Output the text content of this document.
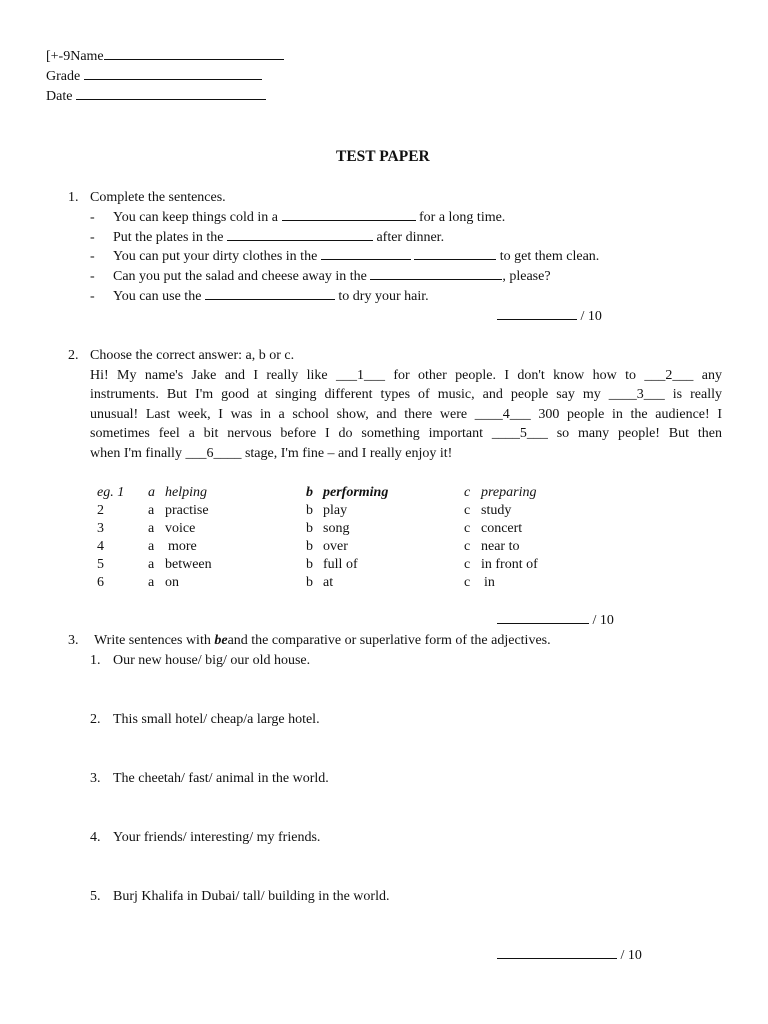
[+-9Name
Grade
Date
TEST PAPER
1. Complete the sentences.
- You can keep things cold in a	for a long time.
- Put the plates in the	after dinner.
- You can put your dirty clothes in the	to get them clean.
- Can you put the salad and cheese away in the	, please?
- You can use the	to dry your hair.
/ 10
2. Choose the correct answer: a, b or c.
Hi! My name's Jake and I really like ___1___ for other people. I don't know how to ___2___ any
instruments. But I'm good at singing different types of music, and people say my ____3___ is really
unusual! Last week, I was in a school show, and there were ____4___ 300 people in the audience! I
sometimes feel a bit nervous before I do something important ____5___ so many people! But then
when I'm finally ___6____ stage, I'm fine – and I really enjoy it!
eg. 1 a helping	b performing	c preparing
2	a practise	b play	c study
3	a voice	b song	c concert
4	a more	b over	c near to
5	a between	b full of	c in front of
6	a on	b at	c in
/ 10
3. Write sentences with beand the comparative or superlative form of the adjectives.
1. Our new house/ big/ our old house.
2. This small hotel/ cheap/a large hotel.
3. The cheetah/ fast/ animal in the world.
4. Your friends/ interesting/ my friends.
5. Burj Khalifa in Dubai/ tall/ building in the world.
/ 10
